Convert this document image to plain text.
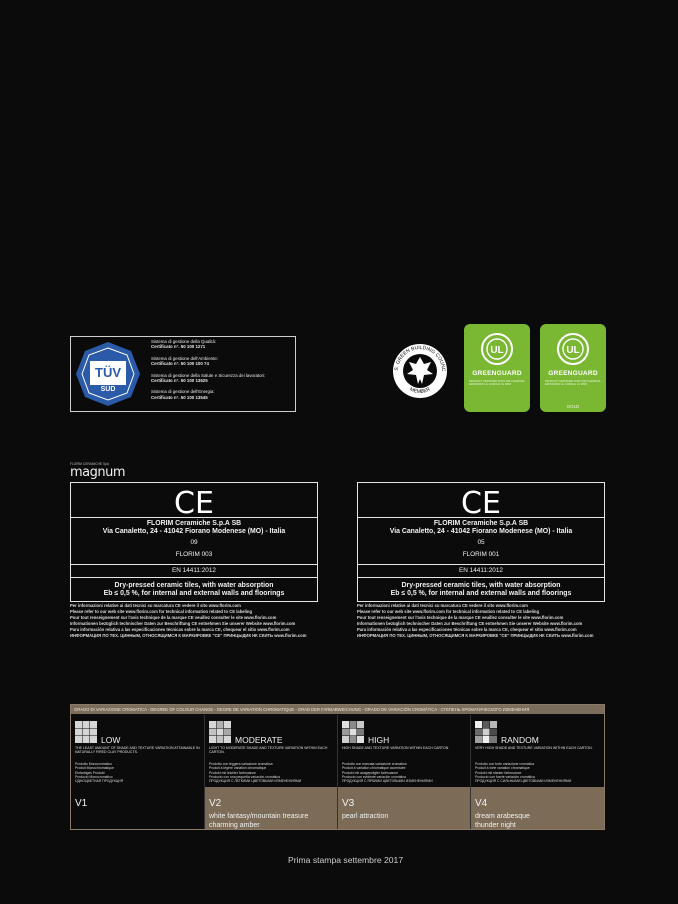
TÜV
SÜD
Sistema di gestione della Qualità:
Certificato n°. 50 100 1271
Sistema di gestione dell'Ambiente:
Certificato n°. 50 100 100 74
Sistema di gestione della Salute e Sicurezza dei lavoratori:
Certificato n°. 50 100 13625
Sistema di gestione dell'Energia:
Certificato n°. 50 100 13545
S. GREEN BUILDING COUNC
MEMBER
UL
GREENGUARD
PRODUCT CERTIFIED FOR LOW CHEMICAL EMISSIONS UL.COM/GG UL 2818
UL
GREENGUARD
PRODUCT CERTIFIED FOR LOW CHEMICAL EMISSIONS UL.COM/GG UL 2818
GOLD
FLORIM CERAMICHE SpA
magnum
CE
FLORIM Ceramiche S.p.A SB
Via Canaletto, 24 - 41042 Fiorano Modenese (MO) - Italia
09
FLORIM 003
EN 14411:2012
Dry-pressed ceramic tiles, with water absorption
Eb ≤ 0,5 %, for internal and external walls and floorings
Per informazioni relative ai dati tecnici su marcatura CE vedere il sito www.florim.com
Please refer to our web site www.florim.com for technical information related to CE labeling
Pour tout renseignement sur l'avis technique de la marque CE veuillez consulter le site www.florim.com
Informationen bezüglich technischer Daten zur Beschriftung CE entnehmen Sie unserer Website www.florim.com
Para información relativa a las especificaciones técnicas sobre la marca CE, chequear el sitio www.florim.com
ИНФОРМАЦИЯ ПО ТЕХ. ЦИННЫМ, ОТНОСЯЩИМСЯ К МАРКИРОВКЕ "CE" ПРИНЦЫДИК НК СКИТЬ www.florim.com
CE
FLORIM Ceramiche S.p.A SB
Via Canaletto, 24 - 41042 Fiorano Modenese (MO) - Italia
05
FLORIM 001
EN 14411:2012
Dry-pressed ceramic tiles, with water absorption
Eb ≤ 0,5 %, for internal and external walls and floorings
Per informazioni relative ai dati tecnici su marcatura CE vedere il sito www.florim.com
Please refer to our web site www.florim.com for technical information related to CE labeling
Pour tout renseignement sur l'avis technique de la marque CE veuillez consulter le site www.florim.com
Informationen bezüglich technischer Daten zur Beschriftung CE entnehmen Sie unserer Website www.florim.com
Para información relativa a las especificaciones técnicas sobre la marca CE, chequear el sitio www.florim.com
ИНФОРМАЦИЯ ПО ТЕХ. ЦИННЫМ, ОТНОСЯЩИМСЯ К МАРКИРОВКЕ "CE" ПРИНЦЫДИК НК СКИТЬ www.florim.com
GRADO DI VARIAZIONE CROMATICA - DEGREE OF COLOUR CHANGE - DEGRE DE VARIATION CHROMATIQUE - GRAD DER FARBABWEICHUNG - GRADO DE VARIACIÓN CROMÁTICA - СТЕПЕНЬ ХРОМАТИЧЕСКОГО ИЗМЕНЕНИЯ
LOW
THE LEAST AMOUNT OF SHADE AND TEXTURE VARIATION ATTAINABLE IN NATURALLY FIRED CLAY PRODUCTS.
Prodotto Monocromatico
Produit Monochromatique
Einfarbiges Produkt
Producto Monocromático
ОДНОЦВЕТНАЯ ПРОДУКЦИЯ
V1
MODERATE
LIGHT TO MODERATE SHADE AND TEXTURE VARIATION WITHIN EACH CARTON.
Prodotto con leggera variazione cromatica
Produit à légère variation chromatique
Produkt mit leichter farbnuance
Producto con una pequeña variación cromática
ПРОДУКЦИЯ С ЛЕГКИМИ ЦВЕТОВЫМИ ИЗМЕНЕНИЯМИ
V2
white fantasy/mountain treasure
charming amber
HIGH
HIGH SHADE AND TEXTURE VARIATION WITHIN EACH CARTON.
Prodotto con marcata variazione cromatica
Produit à variation chromatique accentuée
Produkt mit ausgeprägter farbnuance
Producto con evidente variación cromática
ПРОДУКЦИЯ С ЯРКИМИ ЦВЕТОВЫМИ ИЗМЕНЕНИЯМИ
V3
pearl attraction
RANDOM
VERY HIGH SHADE AND TEXTURE VARIATION WITHIN EACH CARTON.
Prodotto con forte variazione cromatica
Produit à forte variation chromatique
Produkt mit starker farbnuance
Producto con fuerte variación cromática
ПРОДУКЦИЯ С СИЛЬНЫМИ ЦВЕТОВЫМИ ИЗМЕНЕНИЯМИ
V4
dream arabesque
thunder night
Prima stampa settembre 2017
